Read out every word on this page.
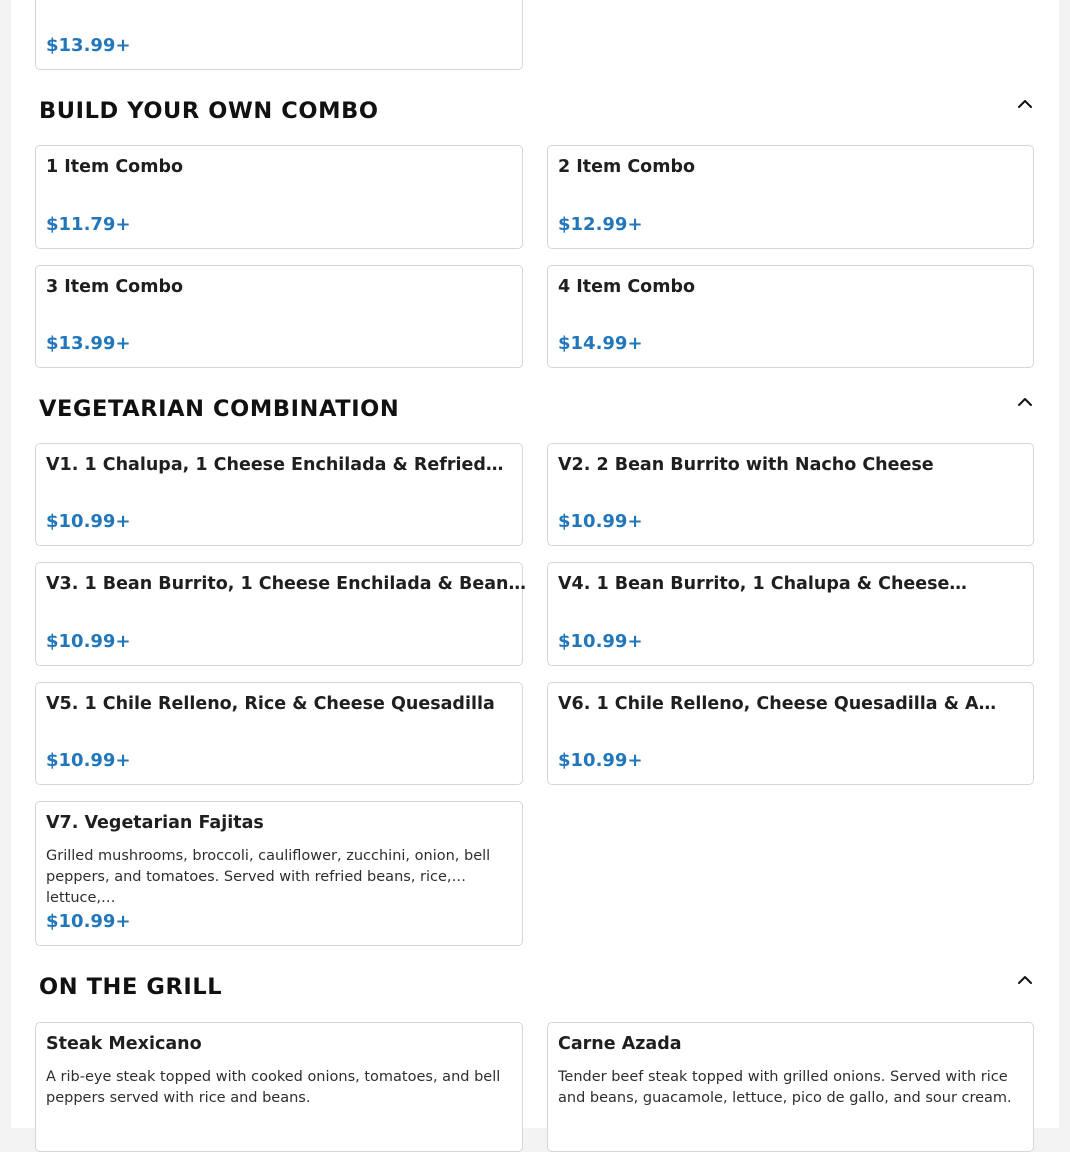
$13.99+
BUILD YOUR OWN COMBO
1 Item Combo
$11.79+
2 Item Combo
$12.99+
3 Item Combo
$13.99+
4 Item Combo
$14.99+
VEGETARIAN COMBINATION
V1. 1 Chalupa, 1 Cheese Enchilada & Refried…
$10.99+
V2. 2 Bean Burrito with Nacho Cheese
$10.99+
V3. 1 Bean Burrito, 1 Cheese Enchilada & Bean…
$10.99+
V4. 1 Bean Burrito, 1 Chalupa & Cheese…
$10.99+
V5. 1 Chile Relleno, Rice & Cheese Quesadilla
$10.99+
V6. 1 Chile Relleno, Cheese Quesadilla & A…
$10.99+
V7. Vegetarian Fajitas
Grilled mushrooms, broccoli, cauliflower, zucchini, onion, bell peppers, and tomatoes. Served with refried beans, rice, lettuce,…
$10.99+
ON THE GRILL
Steak Mexicano
A rib-eye steak topped with cooked onions, tomatoes, and bell peppers served with rice and beans.
Carne Azada
Tender beef steak topped with grilled onions. Served with rice and beans, guacamole, lettuce, pico de gallo, and sour cream.
